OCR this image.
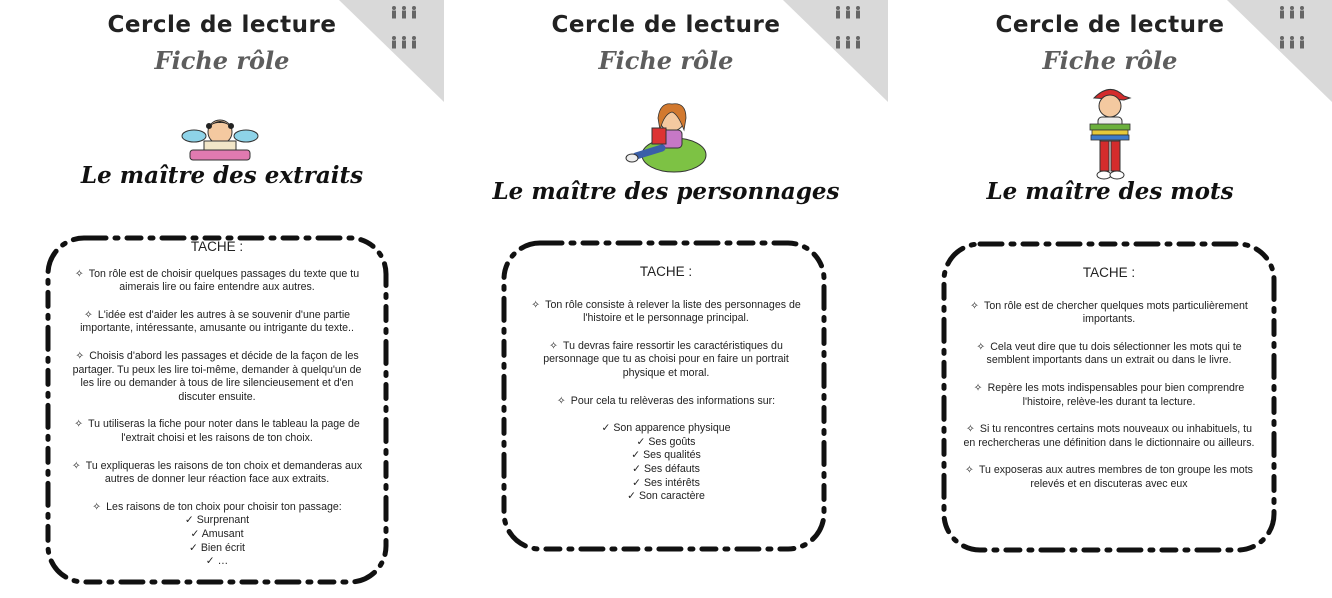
Cercle de lecture
Fiche rôle
Le maître des extraits
TACHE :
✧ Ton rôle est de choisir quelques passages du texte que tu aimerais lire ou faire entendre aux autres.
✧ L'idée est d'aider les autres à se souvenir d'une partie importante, intéressante, amusante ou intrigante du texte..
✧ Choisis d'abord les passages et décide de la façon de les partager. Tu peux les lire toi-même, demander à quelqu'un de les lire ou demander à tous de lire silencieusement et d'en discuter ensuite.
✧ Tu utiliseras la fiche pour noter dans le tableau la page de l'extrait choisi et les raisons de ton choix.
✧ Tu expliqueras les raisons de ton choix et demanderas aux autres de donner leur réaction face aux extraits.
✧ Les raisons de ton choix pour choisir ton passage:
✓ Surprenant
✓ Amusant
✓ Bien écrit
✓ …
Cercle de lecture
Fiche rôle
Le maître des personnages
TACHE :
✧ Ton rôle consiste à relever la liste des personnages de l'histoire et le personnage principal.
✧ Tu devras faire ressortir les caractéristiques du personnage que tu as choisi pour en faire un portrait physique et moral.
✧ Pour cela tu relèveras des informations sur:
✓ Son apparence physique
✓ Ses goûts
✓ Ses qualités
✓ Ses défauts
✓ Ses intérêts
✓ Son caractère
Cercle de lecture
Fiche rôle
Le maître des mots
TACHE :
✧ Ton rôle est de chercher quelques mots particulièrement importants.
✧ Cela veut dire que tu dois sélectionner les mots qui te semblent importants dans un extrait ou dans le livre.
✧ Repère les mots indispensables pour bien comprendre l'histoire, relève-les durant ta lecture.
✧ Si tu rencontres certains mots nouveaux ou inhabituels, tu en rechercheras une définition dans le dictionnaire ou ailleurs.
✧ Tu exposeras aux autres membres de ton groupe les mots relevés et en discuteras avec eux
